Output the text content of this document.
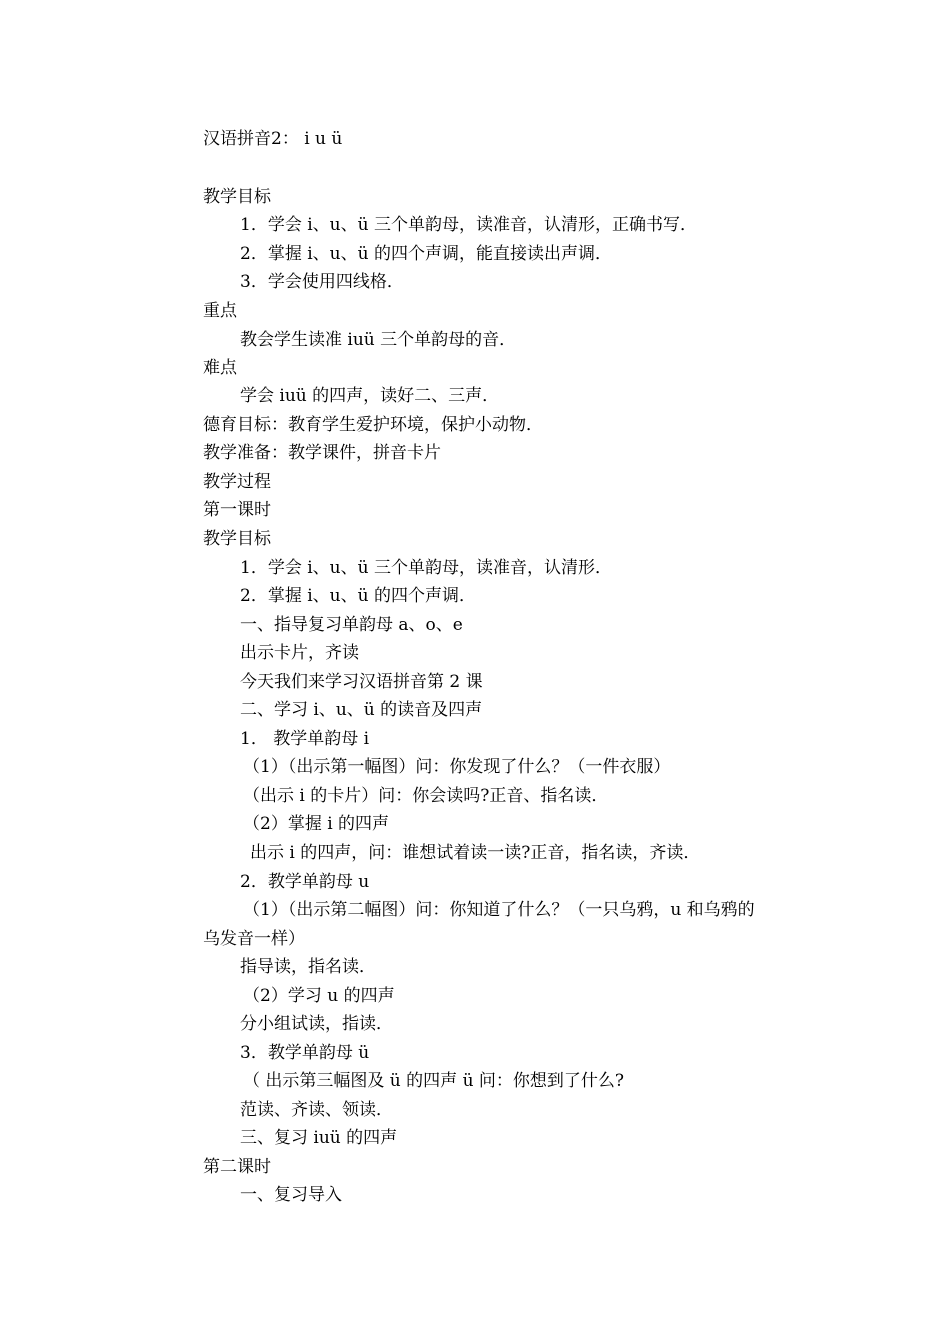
汉语拼音2： i u ü
教学目标
1．学会 i、u、ü 三个单韵母，读准音，认清形，正确书写．
2．掌握 i、u、ü 的四个声调，能直接读出声调．
3．学会使用四线格．
重点
教会学生读准 iuü 三个单韵母的音．
难点
学会 iuü 的四声，读好二、三声．
德育目标：教育学生爱护环境，保护小动物．
教学准备：教学课件，拼音卡片
教学过程
第一课时
教学目标
1．学会 i、u、ü 三个单韵母，读准音，认清形．
2．掌握 i、u、ü 的四个声调．
一、指导复习单韵母 a、o、e
出示卡片，齐读
今天我们来学习汉语拼音第 2 课
二、学习 i、u、ü 的读音及四声
1． 教学单韵母 i
（1）（出示第一幅图）问：你发现了什么？（一件衣服）
（出示 i 的卡片）问：你会读吗?正音、指名读．
（2）掌握 i 的四声
出示 i 的四声，问：谁想试着读一读?正音，指名读，齐读．
2．教学单韵母 u
（1）（出示第二幅图）问：你知道了什么？（一只乌鸦，u 和乌鸦的
乌发音一样）
指导读，指名读．
（2）学习 u 的四声
分小组试读，指读．
3．教学单韵母 ü
（ 出示第三幅图及 ü 的四声 ü 问：你想到了什么?
范读、齐读、领读．
三、复习 iuü 的四声
第二课时
一、复习导入
